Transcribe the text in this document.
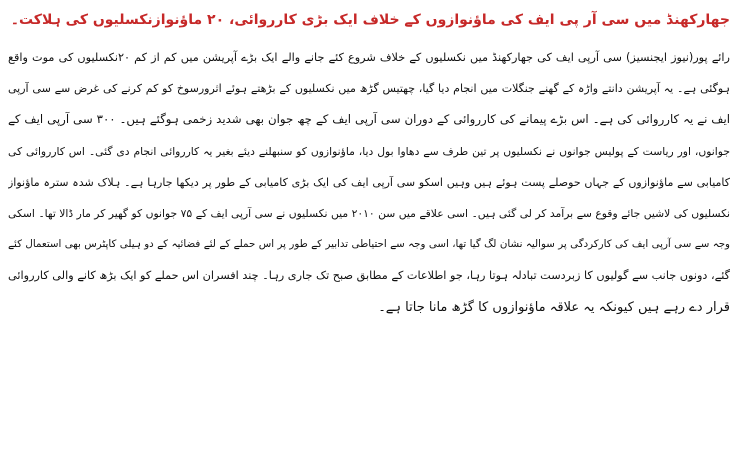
جھارکھنڈ میں سی آر پی ایف کی ماؤنوازوں کے خلاف ایک بڑی کارروائی، ۲۰ ماؤنوازنکسلیوں کی ہلاکت۔

رائے پور(نیوز ایجنسیز) سی آرپی ایف کی جھارکھنڈ میں نکسلیوں کے خلاف شروع کئے جانے والے ایک بڑے آپریشن میں کم از کم ۲۰نکسلیوں کی موت واقع

ہوگئی ہے۔ یہ آپریشن دانتے واڑہ کے گھنے جنگلات میں انجام دیا گیا، چھتیس گڑھ میں نکسلیوں کے بڑھتے ہوئے اثرورسوخ کو کم کرنے کی غرض سے سی آرپی

ایف نے یہ کارروائی کی ہے۔ اس بڑے پیمانے کی کارروائی کے دوران سی آرپی ایف کے چھ جوان بھی شدید زخمی ہوگئے ہیں۔ ۳۰۰ سی آرپی ایف کے

جوانوں، اور ریاست کے پولیس جوانوں نے نکسلیوں پر تین طرف سے دھاوا بول دیا، ماؤنوازوں کو سنبھلنے دیئے بغیر یہ کارروائی انجام دی گئی۔ اس کارروائی کی

کامیابی سے ماؤنوازوں کے جہاں حوصلے پست ہوئے ہیں وہیں اسکو سی آرپی ایف کی ایک بڑی کامیابی کے طور پر دیکھا جارہا ہے۔ ہلاک شدہ سترہ ماؤنواز

نکسلیوں کی لاشیں جائے وقوع سے برآمد کر لی گئی ہیں۔ اسی علاقے میں سن ۲۰۱۰ میں نکسلیوں نے سی آرپی ایف کے ۷۵ جوانوں کو گھیر کر مار ڈالا تھا۔ اسکی

وجہ سے سی آرپی ایف کی کارکردگی پر سوالیہ نشان لگ گیا تھا، اسی وجہ سے احتیاطی تدابیر کے طور پر اس حملے کے لئے فضائیہ کے دو ہیلی کاپٹرس بھی استعمال کئے

گئے، دونوں جانب سے گولیوں کا زبردست تبادلہ ہوتا رہا، جو اطلاعات کے مطابق صبح تک جاری رہا۔ چند افسران اس حملے کو ایک بڑھ کانے والی کارروائی

قرار دے رہے ہیں کیونکہ یہ علاقہ ماؤنوازوں کا گڑھ مانا جاتا ہے۔
